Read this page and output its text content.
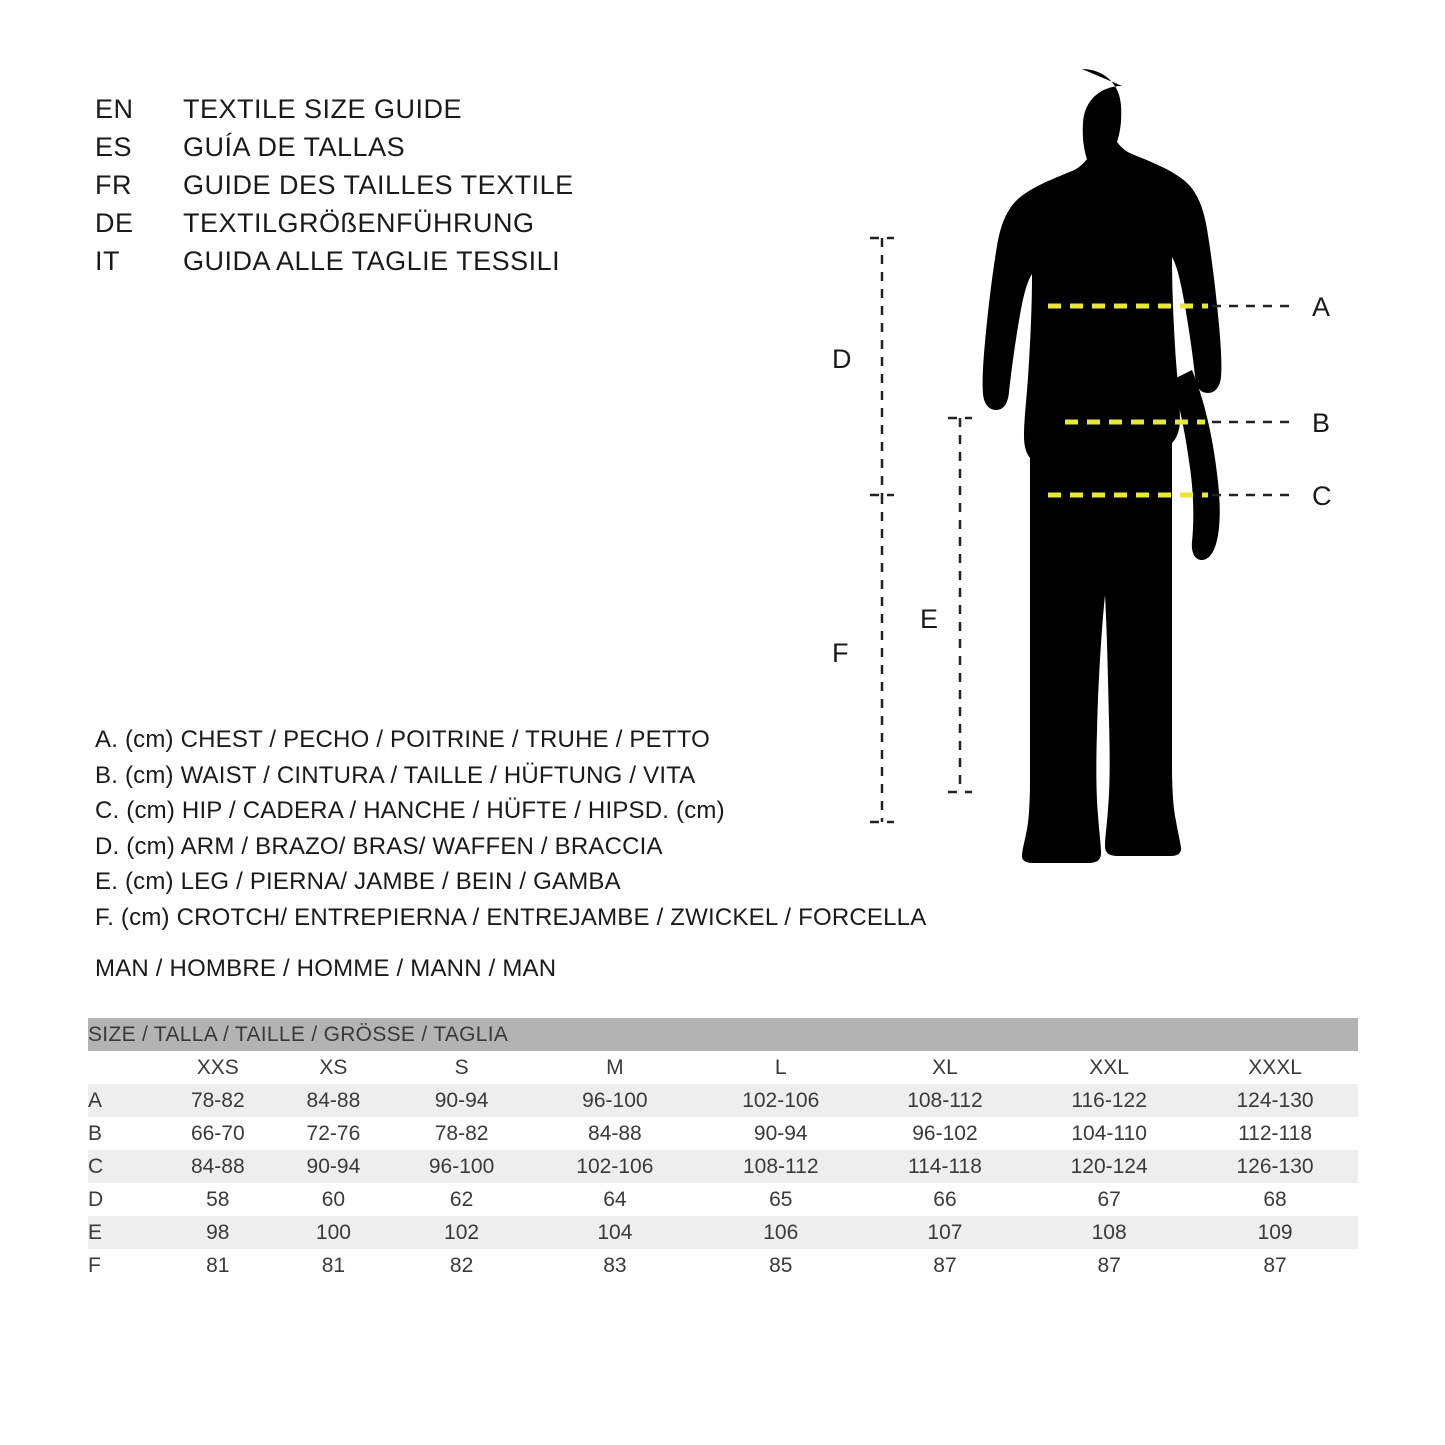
EN	TEXTILE SIZE GUIDE
ES	GUÍA DE TALLAS
FR	GUIDE DES TAILLES TEXTILE
DE	TEXTILGRÖßENFÜHRUNG
IT	GUIDA ALLE TAGLIE TESSILI
A. (cm) CHEST / PECHO / POITRINE / TRUHE / PETTO
B. (cm) WAIST / CINTURA / TAILLE / HÜFTUNG / VITA
C. (cm) HIP / CADERA / HANCHE / HÜFTE / HIPSD. (cm)
D. (cm) ARM / BRAZO/ BRAS/ WAFFEN / BRACCIA
E. (cm) LEG / PIERNA/ JAMBE / BEIN / GAMBA
F. (cm) CROTCH/ ENTREPIERNA / ENTREJAMBE / ZWICKEL / FORCELLA
MAN / HOMBRE / HOMME / MANN / MAN
A
B
C
D
E
F
SIZE / TALLA / TAILLE / GRÖSSE / TAGLIA								
	XXS	XS	S	M	L	XL	XXL	XXXL
A	78-82	84-88	90-94	96-100	102-106	108-112	116-122	124-130
B	66-70	72-76	78-82	84-88	90-94	96-102	104-110	112-118
C	84-88	90-94	96-100	102-106	108-112	114-118	120-124	126-130
D	58	60	62	64	65	66	67	68
E	98	100	102	104	106	107	108	109
F	81	81	82	83	85	87	87	87
